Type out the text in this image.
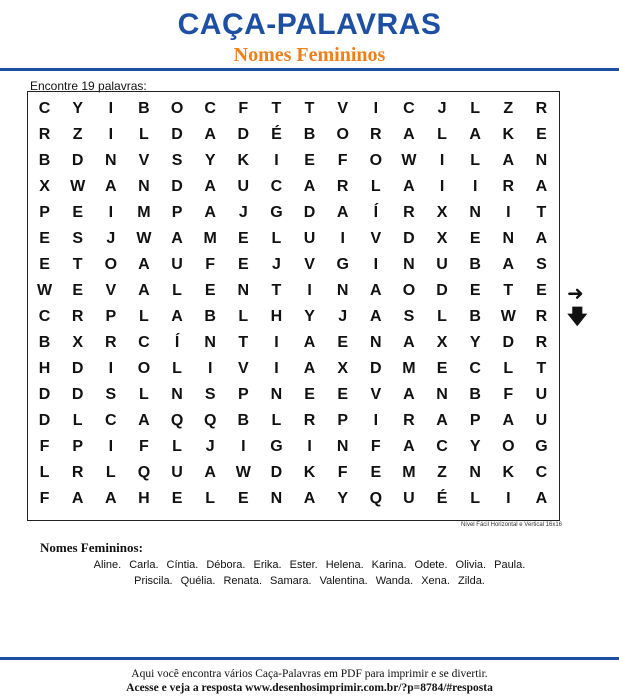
CAÇA-PALAVRAS
Nomes Femininos
Encontre 19 palavras:
C	Y	I	B	O	C	F	T	T	V	I	C	J	L	Z	R
R	Z	I	L	D	A	D	É	B	O	R	A	L	A	K	E
B	D	N	V	S	Y	K	I	E	F	O	W	I	L	A	N
X	W	A	N	D	A	U	C	A	R	L	A	I	I	R	A
P	E	I	M	P	A	J	G	D	A	Í	R	X	N	I	T
E	S	J	W	A	M	E	L	U	I	V	D	X	E	N	A
E	T	O	A	U	F	E	J	V	G	I	N	U	B	A	S
W	E	V	A	L	E	N	T	I	N	A	O	D	E	T	E
C	R	P	L	A	B	L	H	Y	J	A	S	L	B	W	R
B	X	R	C	Í	N	T	I	A	E	N	A	X	Y	D	R
H	D	I	O	L	I	V	I	A	X	D	M	E	C	L	T
D	D	S	L	N	S	P	N	E	E	V	A	N	B	F	U
D	L	C	A	Q	Q	B	L	R	P	I	R	A	P	A	U
F	P	I	F	L	J	I	G	I	N	F	A	C	Y	O	G
L	R	L	Q	U	A	W	D	K	F	E	M	Z	N	K	C
F	A	A	H	E	L	E	N	A	Y	Q	U	É	L	I	A
➜
🡇
Nível Fácil Horizontal e Vertical 16x16
Nomes Femininos:
Aline. Carla. Cíntia. Débora. Erika. Ester. Helena. Karina. Odete. Olivia. Paula.
Priscila. Quélia. Renata. Samara. Valentina. Wanda. Xena. Zilda.
Aqui você encontra vários Caça-Palavras em PDF para imprimir e se divertir.
Acesse e veja a resposta www.desenhosimprimir.com.br/?p=8784/#resposta
